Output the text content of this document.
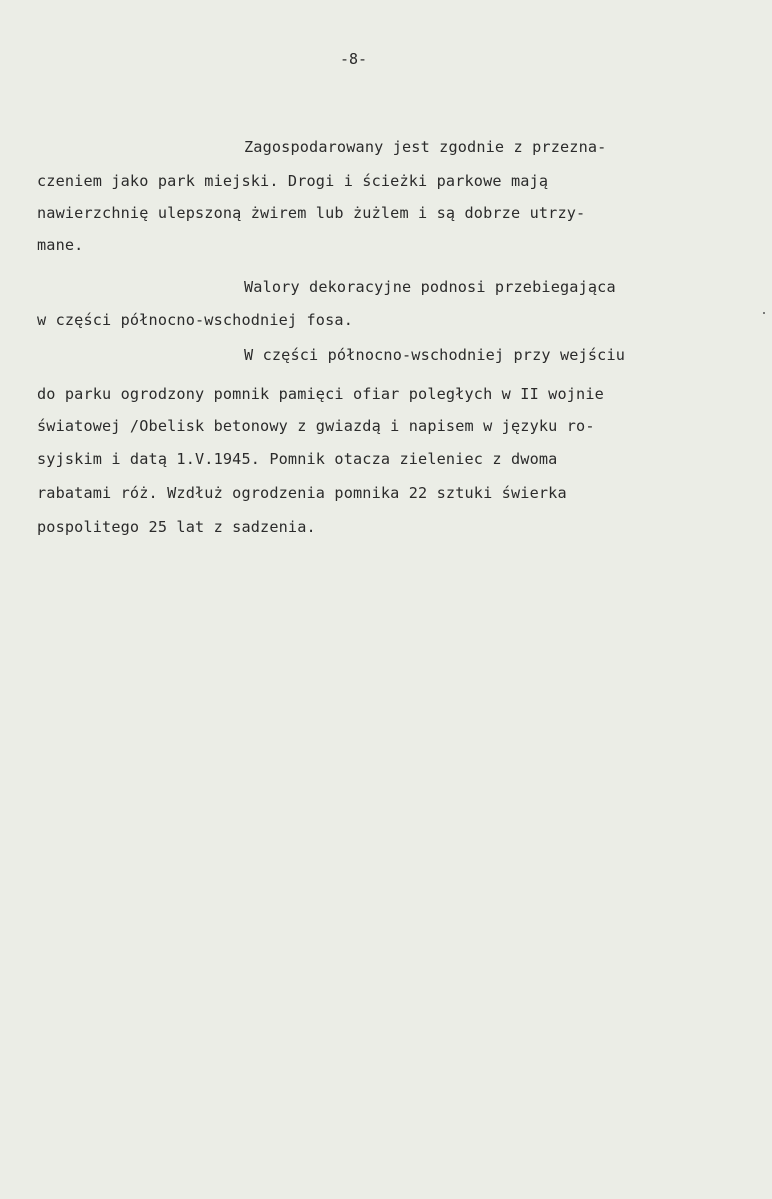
-8-
Zagospodarowany jest zgodnie z przezna-
czeniem jako park miejski. Drogi i ścieżki parkowe mają
nawierzchnię ulepszoną żwirem lub żużlem i są dobrze utrzy-
mane.
Walory dekoracyjne podnosi przebiegająca
w części północno-wschodniej fosa.
W części północno-wschodniej przy wejściu
do parku ogrodzony pomnik pamięci ofiar poległych w II wojnie
światowej /Obelisk betonowy z gwiazdą i napisem w języku ro-
syjskim i datą 1.V.1945. Pomnik otacza zieleniec z dwoma
rabatami róż. Wzdłuż ogrodzenia pomnika 22 sztuki świerka
pospolitego 25 lat z sadzenia.
